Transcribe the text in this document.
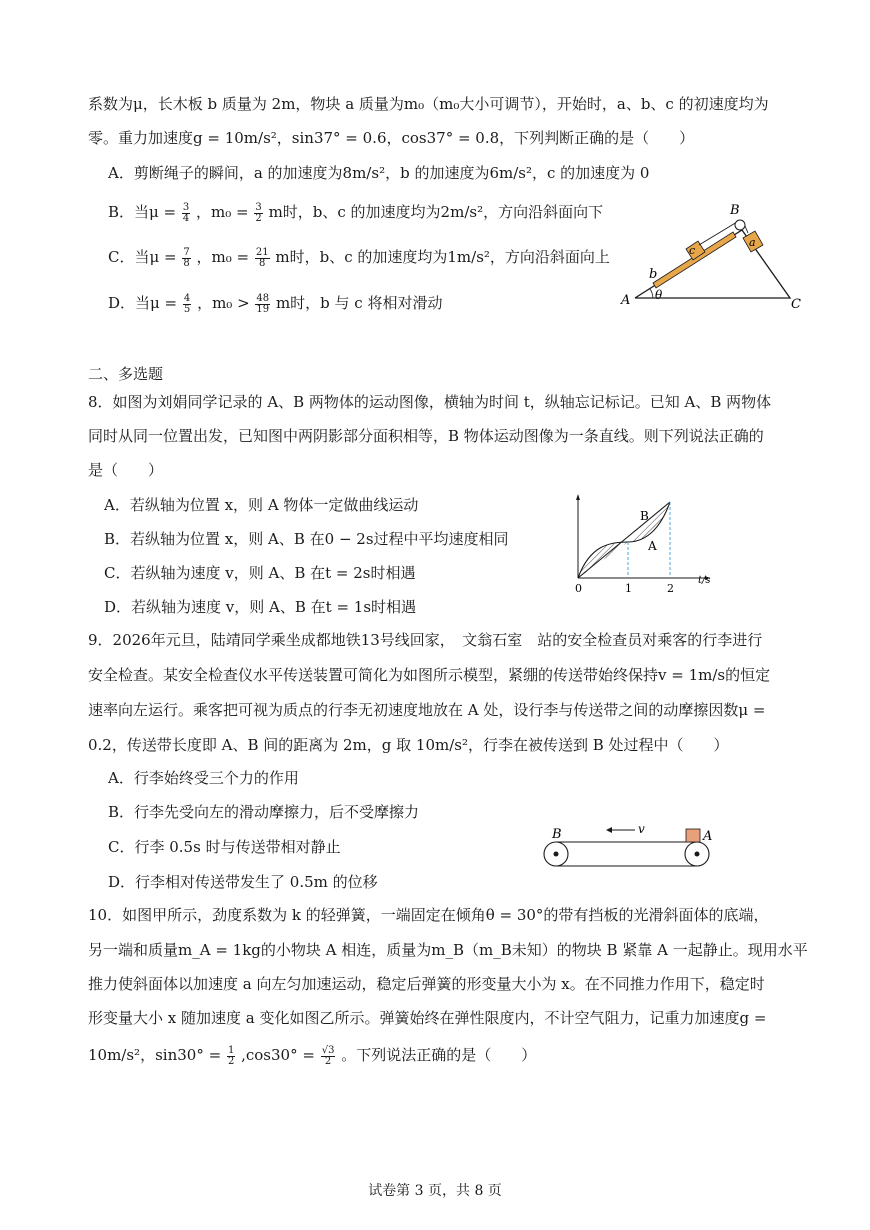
系数为μ，长木板 b 质量为 2m，物块 a 质量为m₀（m₀大小可调节），开始时，a、b、c 的初速度均为
零。重力加速度g = 10m/s²，sin37° = 0.6，cos37° = 0.8，下列判断正确的是（　　）
A．剪断绳子的瞬间，a 的加速度为8m/s²，b 的加速度为6m/s²，c 的加速度为 0
B．当$\mu = \frac{3}{4}$ ，$m_0 = \frac{3}{2}$ m时，b、c 的加速度均为2m/s²，方向沿斜面向下
C．当$\mu = \frac{7}{8}$ ，$m_0 = \frac{21}{8}$ m时，b、c 的加速度均为1m/s²，方向沿斜面向上
D．当$\mu = \frac{4}{5}$ ，$m_0 > \frac{48}{19}$ m时，b 与 c 将相对滑动
B
A	C
b
c
a
θ
二、多选题
8．如图为刘娟同学记录的 A、B 两物体的运动图像，横轴为时间 t，纵轴忘记标记。已知 A、B 两物体
同时从同一位置出发，已知图中两阴影部分面积相等，B 物体运动图像为一条直线。则下列说法正确的
是（　　）
A．若纵轴为位置 x，则 A 物体一定做曲线运动
B．若纵轴为位置 x，则 A、B 在0 − 2s过程中平均速度相同
C．若纵轴为速度 v，则 A、B 在t = 2s时相遇
D．若纵轴为速度 v，则 A、B 在t = 1s时相遇
B
A
0	1	2
t/s
9．2026年元旦，陆靖同学乘坐成都地铁13号线回家，　文翁石室　站的安全检查员对乘客的行李进行
安全检查。某安全检查仪水平传送装置可简化为如图所示模型，紧绷的传送带始终保持v = 1m/s的恒定
速率向左运行。乘客把可视为质点的行李无初速度地放在 A 处，设行李与传送带之间的动摩擦因数μ =
0.2，传送带长度即 A、B 间的距离为 2m，g 取 10m/s²，行李在被传送到 B 处过程中（　　）
A．行李始终受三个力的作用
B．行李先受向左的滑动摩擦力，后不受摩擦力
C．行李 0.5s 时与传送带相对静止
D．行李相对传送带发生了 0.5m 的位移
B	A
v
10．如图甲所示，劲度系数为 k 的轻弹簧，一端固定在倾角θ = 30°的带有挡板的光滑斜面体的底端，
另一端和质量m_A = 1kg的小物块 A 相连，质量为m_B（m_B未知）的物块 B 紧靠 A 一起静止。现用水平
推力使斜面体以加速度 a 向左匀加速运动，稳定后弹簧的形变量大小为 x。在不同推力作用下，稳定时
形变量大小 x 随加速度 a 变化如图乙所示。弹簧始终在弹性限度内，不计空气阻力，记重力加速度g =
10m/s²，$\sin 30^\circ = \frac{1}{2} ,\cos 30^\circ = \frac{√3}{2}$ 。下列说法正确的是（　　）
试卷第 3 页，共 8 页
